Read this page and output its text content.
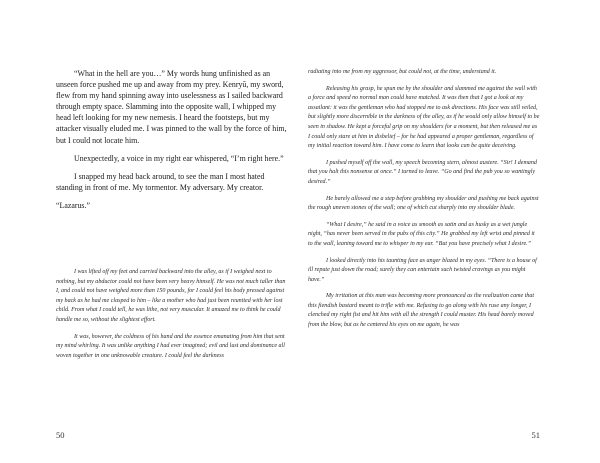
“What in the hell are you…” My words hung unfinished as an unseen force pushed me up and away from my prey. Kenryū, my sword, flew from my hand spinning away into uselessness as I sailed backward through empty space. Slamming into the opposite wall, I whipped my head left looking for my new nemesis. I heard the footsteps, but my attacker visually eluded me. I was pinned to the wall by the force of him, but I could not locate him.

Unexpectedly, a voice in my right ear whispered, “I’m right here.”

I snapped my head back around, to see the man I most hated standing in front of me. My tormentor. My adversary. My creator.

“Lazarus.”

I was lifted off my feet and carried backward into the alley, as if I weighed next to nothing, but my abductor could not have been very heavy himself. He was not much taller than I, and could not have weighed more than 150 pounds, for I could feel his body pressed against my back as he had me clasped to him – like a mother who had just been reunited with her lost child. From what I could tell, he was lithe, not very muscular. It amazed me to think he could handle me so, without the slightest effort.

It was, however, the coldness of his hand and the essence emanating from him that sent my mind whirling. It was unlike anything I had ever imagined; evil and lust and dominance all woven together in one unknowable creature. I could feel the darkness

50

radiating into me from my aggressor, but could not, at the time, understand it.

Releasing his grasp, he spun me by the shoulder and slammed me against the wall with a force and speed no normal man could have matched. It was then that I got a look at my assailant: it was the gentleman who had stopped me to ask directions. His face was still veiled, but slightly more discernible in the darkness of the alley, as if he would only allow himself to be seen in shadow. He kept a forceful grip on my shoulders for a moment, but then released me as I could only stare at him in disbelief – for he had appeared a proper gentleman, regardless of my initial reaction toward him. I have come to learn that looks can be quite deceiving.

I pushed myself off the wall, my speech becoming stern, almost austere. “Sir! I demand that you halt this nonsense at once.” I turned to leave. “Go and find the pub you so wantingly desired.”

He barely allowed me a step before grabbing my shoulder and pushing me back against the rough uneven stones of the wall; one of which cut sharply into my shoulder blade.

“What I desire,” he said in a voice as smooth as satin and as husky as a wet jungle night, “has never been served in the pubs of this city.” He grabbed my left wrist and pinned it to the wall, leaning toward me to whisper in my ear. “But you have precisely what I desire.”

I looked directly into his taunting face as anger blazed in my eyes. “There is a house of ill repute just down the road; surely they can entertain such twisted cravings as you might have.”

My irritation at this man was becoming more pronounced as the realization came that this fiendish bastard meant to trifle with me. Refusing to go along with his ruse any longer, I clenched my right fist and hit him with all the strength I could muster. His head barely moved from the blow, but as he centered his eyes on me again, he was

51
